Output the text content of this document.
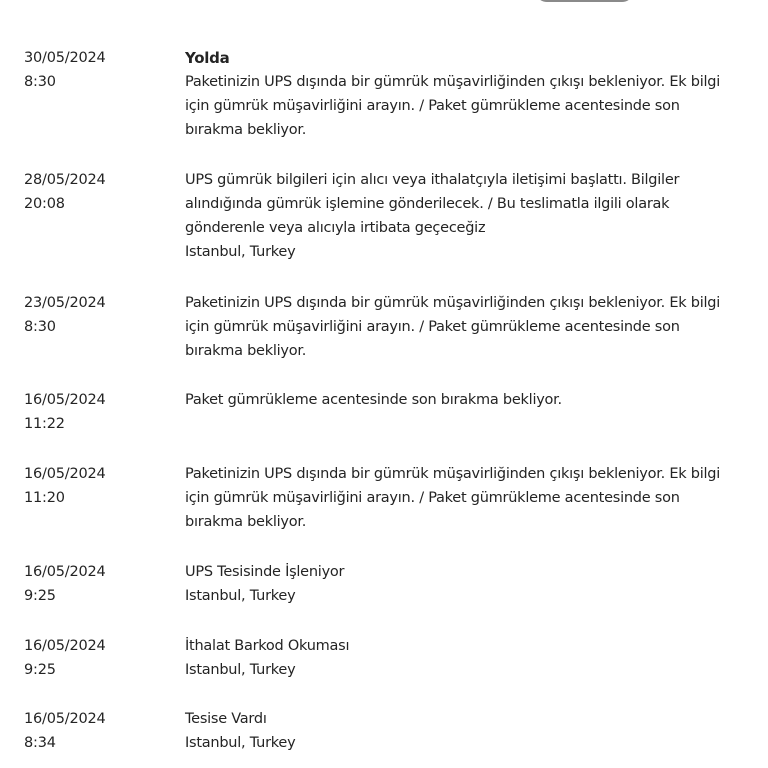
30/05/2024
8:30
Yolda
Paketinizin UPS dışında bir gümrük müşavirliğinden çıkışı bekleniyor. Ek bilgi
için gümrük müşavirliğini arayın. / Paket gümrükleme acentesinde son
bırakma bekliyor.
28/05/2024
20:08
UPS gümrük bilgileri için alıcı veya ithalatçıyla iletişimi başlattı. Bilgiler
alındığında gümrük işlemine gönderilecek. / Bu teslimatla ilgili olarak
gönderenle veya alıcıyla irtibata geçeceğiz
Istanbul, Turkey
23/05/2024
8:30
Paketinizin UPS dışında bir gümrük müşavirliğinden çıkışı bekleniyor. Ek bilgi
için gümrük müşavirliğini arayın. / Paket gümrükleme acentesinde son
bırakma bekliyor.
16/05/2024
11:22
Paket gümrükleme acentesinde son bırakma bekliyor.
16/05/2024
11:20
Paketinizin UPS dışında bir gümrük müşavirliğinden çıkışı bekleniyor. Ek bilgi
için gümrük müşavirliğini arayın. / Paket gümrükleme acentesinde son
bırakma bekliyor.
16/05/2024
9:25
UPS Tesisinde İşleniyor
Istanbul, Turkey
16/05/2024
9:25
İthalat Barkod Okuması
Istanbul, Turkey
16/05/2024
8:34
Tesise Vardı
Istanbul, Turkey
